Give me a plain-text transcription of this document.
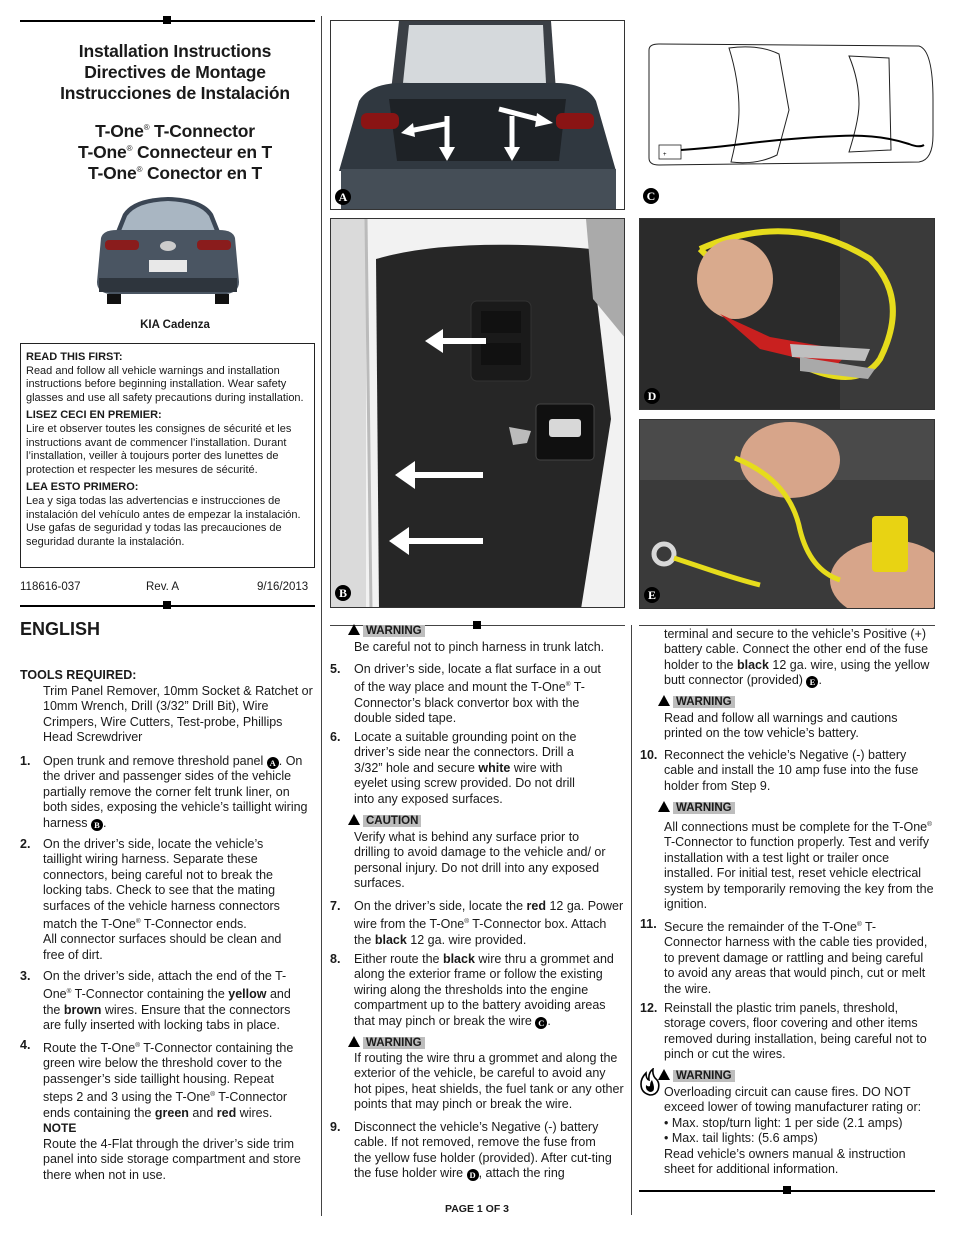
Installation Instructions
Directives de Montage
Instrucciones de Instalación
T-One® T-Connector
T-One® Connecteur en T
T-One® Conector en T
KIA Cadenza
READ THIS FIRST:

Read and follow all vehicle warnings and installation instructions before beginning installation. Wear safety glasses and use all safety precautions during installation.

LISEZ CECI EN PREMIER:

Lire et observer toutes les consignes de sécurité et les instructions avant de commencer l’installation. Durant l’installation, veiller à toujours porter des lunettes de protection et respecter les mesures de sécurité.

LEA ESTO PRIMERO:

Lea y siga todas las advertencias e instrucciones de instalación del vehículo antes de empezar la instalación. Use gafas de seguridad y todas las precauciones de seguridad durante la instalación.

118616-037	Rev. A	9/16/2013
A
+
C
B
D
E
ENGLISH
TOOLS REQUIRED:
Trim Panel Remover, 10mm Socket & Ratchet or 10mm Wrench, Drill (3/32” Drill Bit), Wire Crimpers, Wire Cutters, Test-probe, Phillips Head Screwdriver
1. Open trunk and remove threshold panel A . On the driver and passenger sides of the vehicle partially remove the corner felt trunk liner, on both sides, exposing the vehicle’s taillight wiring harness B .
2. On the driver’s side, locate the vehicle’s taillight wiring harness. Separate these connectors, being careful not to break the locking tabs. Check to see that the mating surfaces of the vehicle harness connectors match the T-One® T-Connector ends.
All connector surfaces should be clean and free of dirt.
3. On the driver’s side, attach the end of the T-One® T-Connector containing the yellow and the brown wires. Ensure that the connectors are fully inserted with locking tabs in place.
4. Route the T-One® T-Connector containing the green wire below the threshold cover to the passenger’s side taillight housing. Repeat steps 2 and 3 using the T-One® T-Connector ends containing the green and red wires.
NOTE
Route the 4-Flat through the driver’s side trim panel into side storage compartment and store there when not in use.
WARNING
Be careful not to pinch harness in trunk latch.
5. On driver’s side, locate a flat surface in a out of the way place and mount the T-One® T-Connector’s black convertor box with the double sided tape.
6. Locate a suitable grounding point on the driver’s side near the connectors. Drill a 3/32” hole and secure white wire with eyelet using screw provided. Do not drill into any exposed surfaces.
CAUTION
Verify what is behind any surface prior to drilling to avoid damage to the vehicle and/ or personal injury. Do not drill into any exposed surfaces.
7. On the driver’s side, locate the red 12 ga. Power wire from the T-One® T-Connector box. Attach the black 12 ga. wire provided.
8. Either route the black wire thru a grommet and along the exterior frame or follow the existing wiring along the thresholds into the engine compartment up to the battery avoiding areas that may pinch or break the wire C .
WARNING
If routing the wire thru a grommet and along the exterior of the vehicle, be careful to avoid any hot pipes, heat shields, the fuel tank or any other points that may pinch or break the wire.
9. Disconnect the vehicle’s Negative (-) battery cable. If not removed, remove the fuse from the yellow fuse holder (provided). After cut-ting the fuse holder wire D , attach the ring
PAGE 1 OF 3
terminal and secure to the vehicle’s Positive (+) battery cable. Connect the other end of the fuse holder to the black 12 ga. wire, using the yellow butt connector (provided) E .
WARNING
Read and follow all warnings and cautions printed on the tow vehicle’s battery.
10. Reconnect the vehicle’s Negative (-) battery cable and install the 10 amp fuse into the fuse holder from Step 9.
WARNING
All connections must be complete for the T-One® T-Connector to function properly. Test and verify installation with a test light or trailer once installed. For initial test, reset vehicle electrical system by temporarily removing the key from the ignition.
11. Secure the remainder of the T-One® T-Connector harness with the cable ties provided, to prevent damage or rattling and being careful to avoid any areas that would pinch, cut or melt the wire.
12. Reinstall the plastic trim panels, threshold, storage covers, floor covering and other items removed during installation, being careful not to pinch or cut the wires.
WARNING
Overloading circuit can cause fires. DO NOT exceed lower of towing manufacturer rating or:
• Max. stop/turn light: 1 per side (2.1 amps)
• Max. tail lights: (5.6 amps)
Read vehicle’s owners manual & instruction sheet for additional information.
